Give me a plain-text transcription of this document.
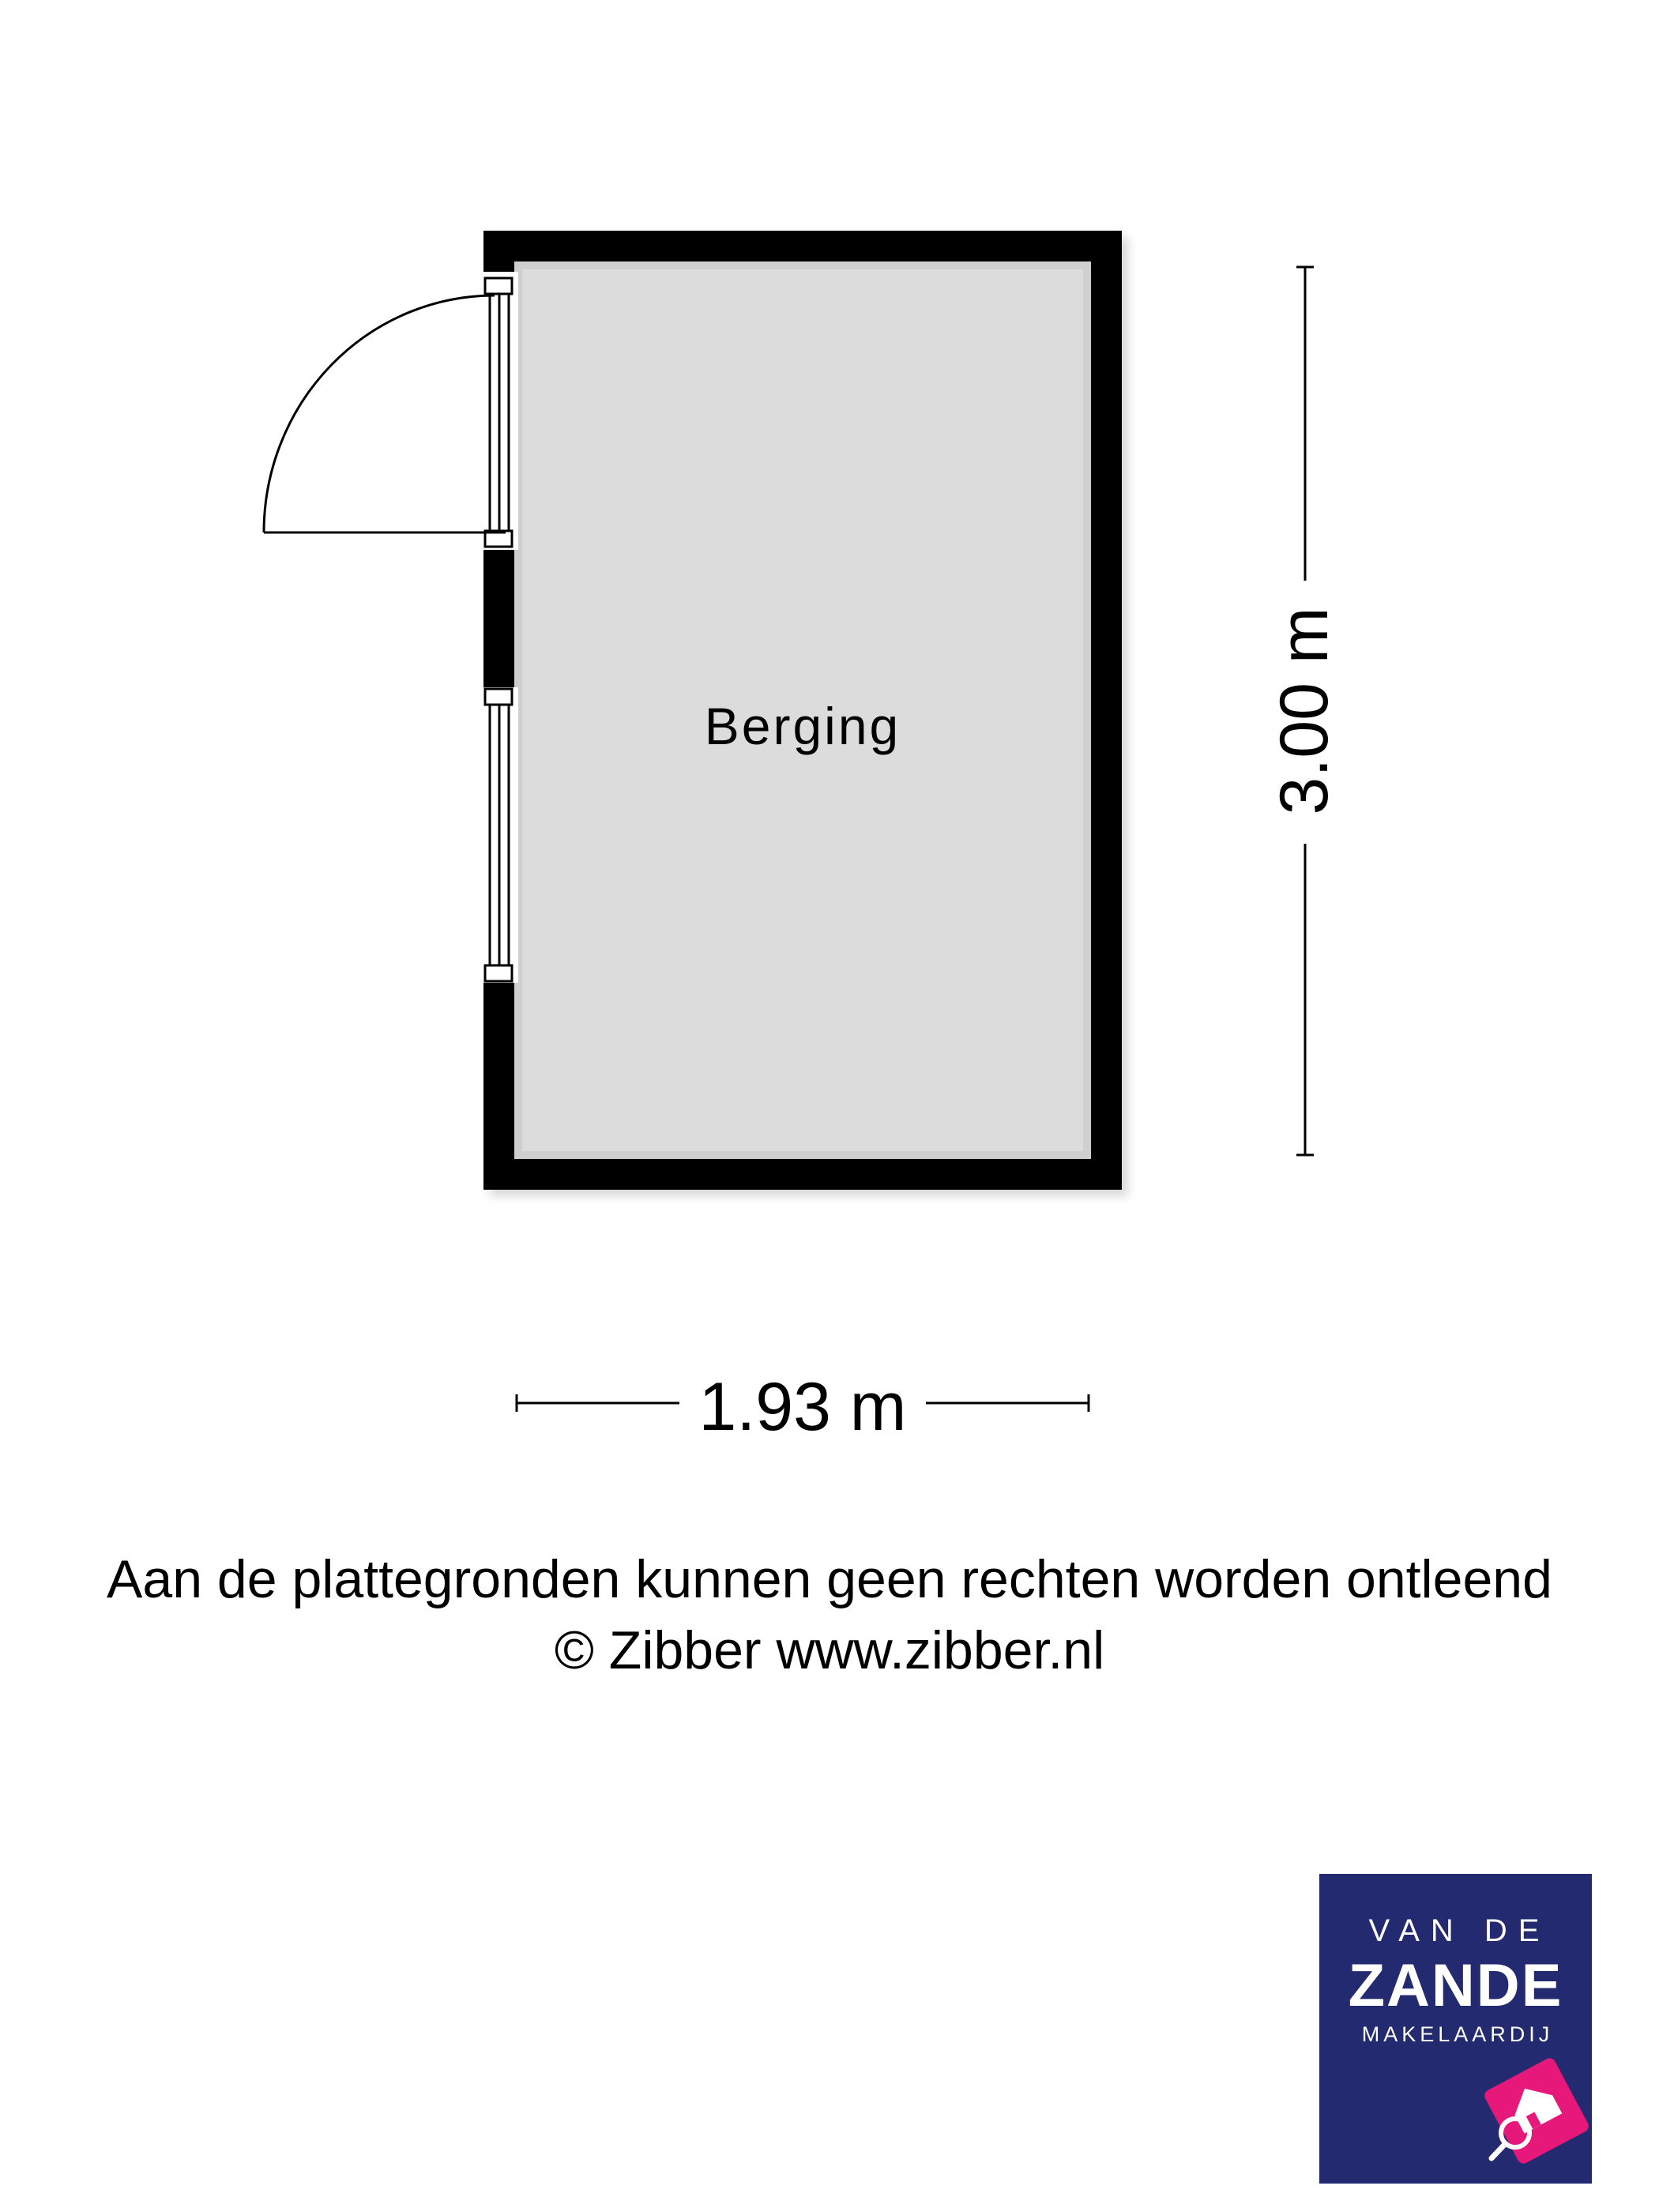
Berging	3.00 m
1.93 m
Aan de plattegronden kunnen geen rechten worden ontleend
© Zibber www.zibber.nl
VAN DE
ZANDE
MAKELAARDIJ
